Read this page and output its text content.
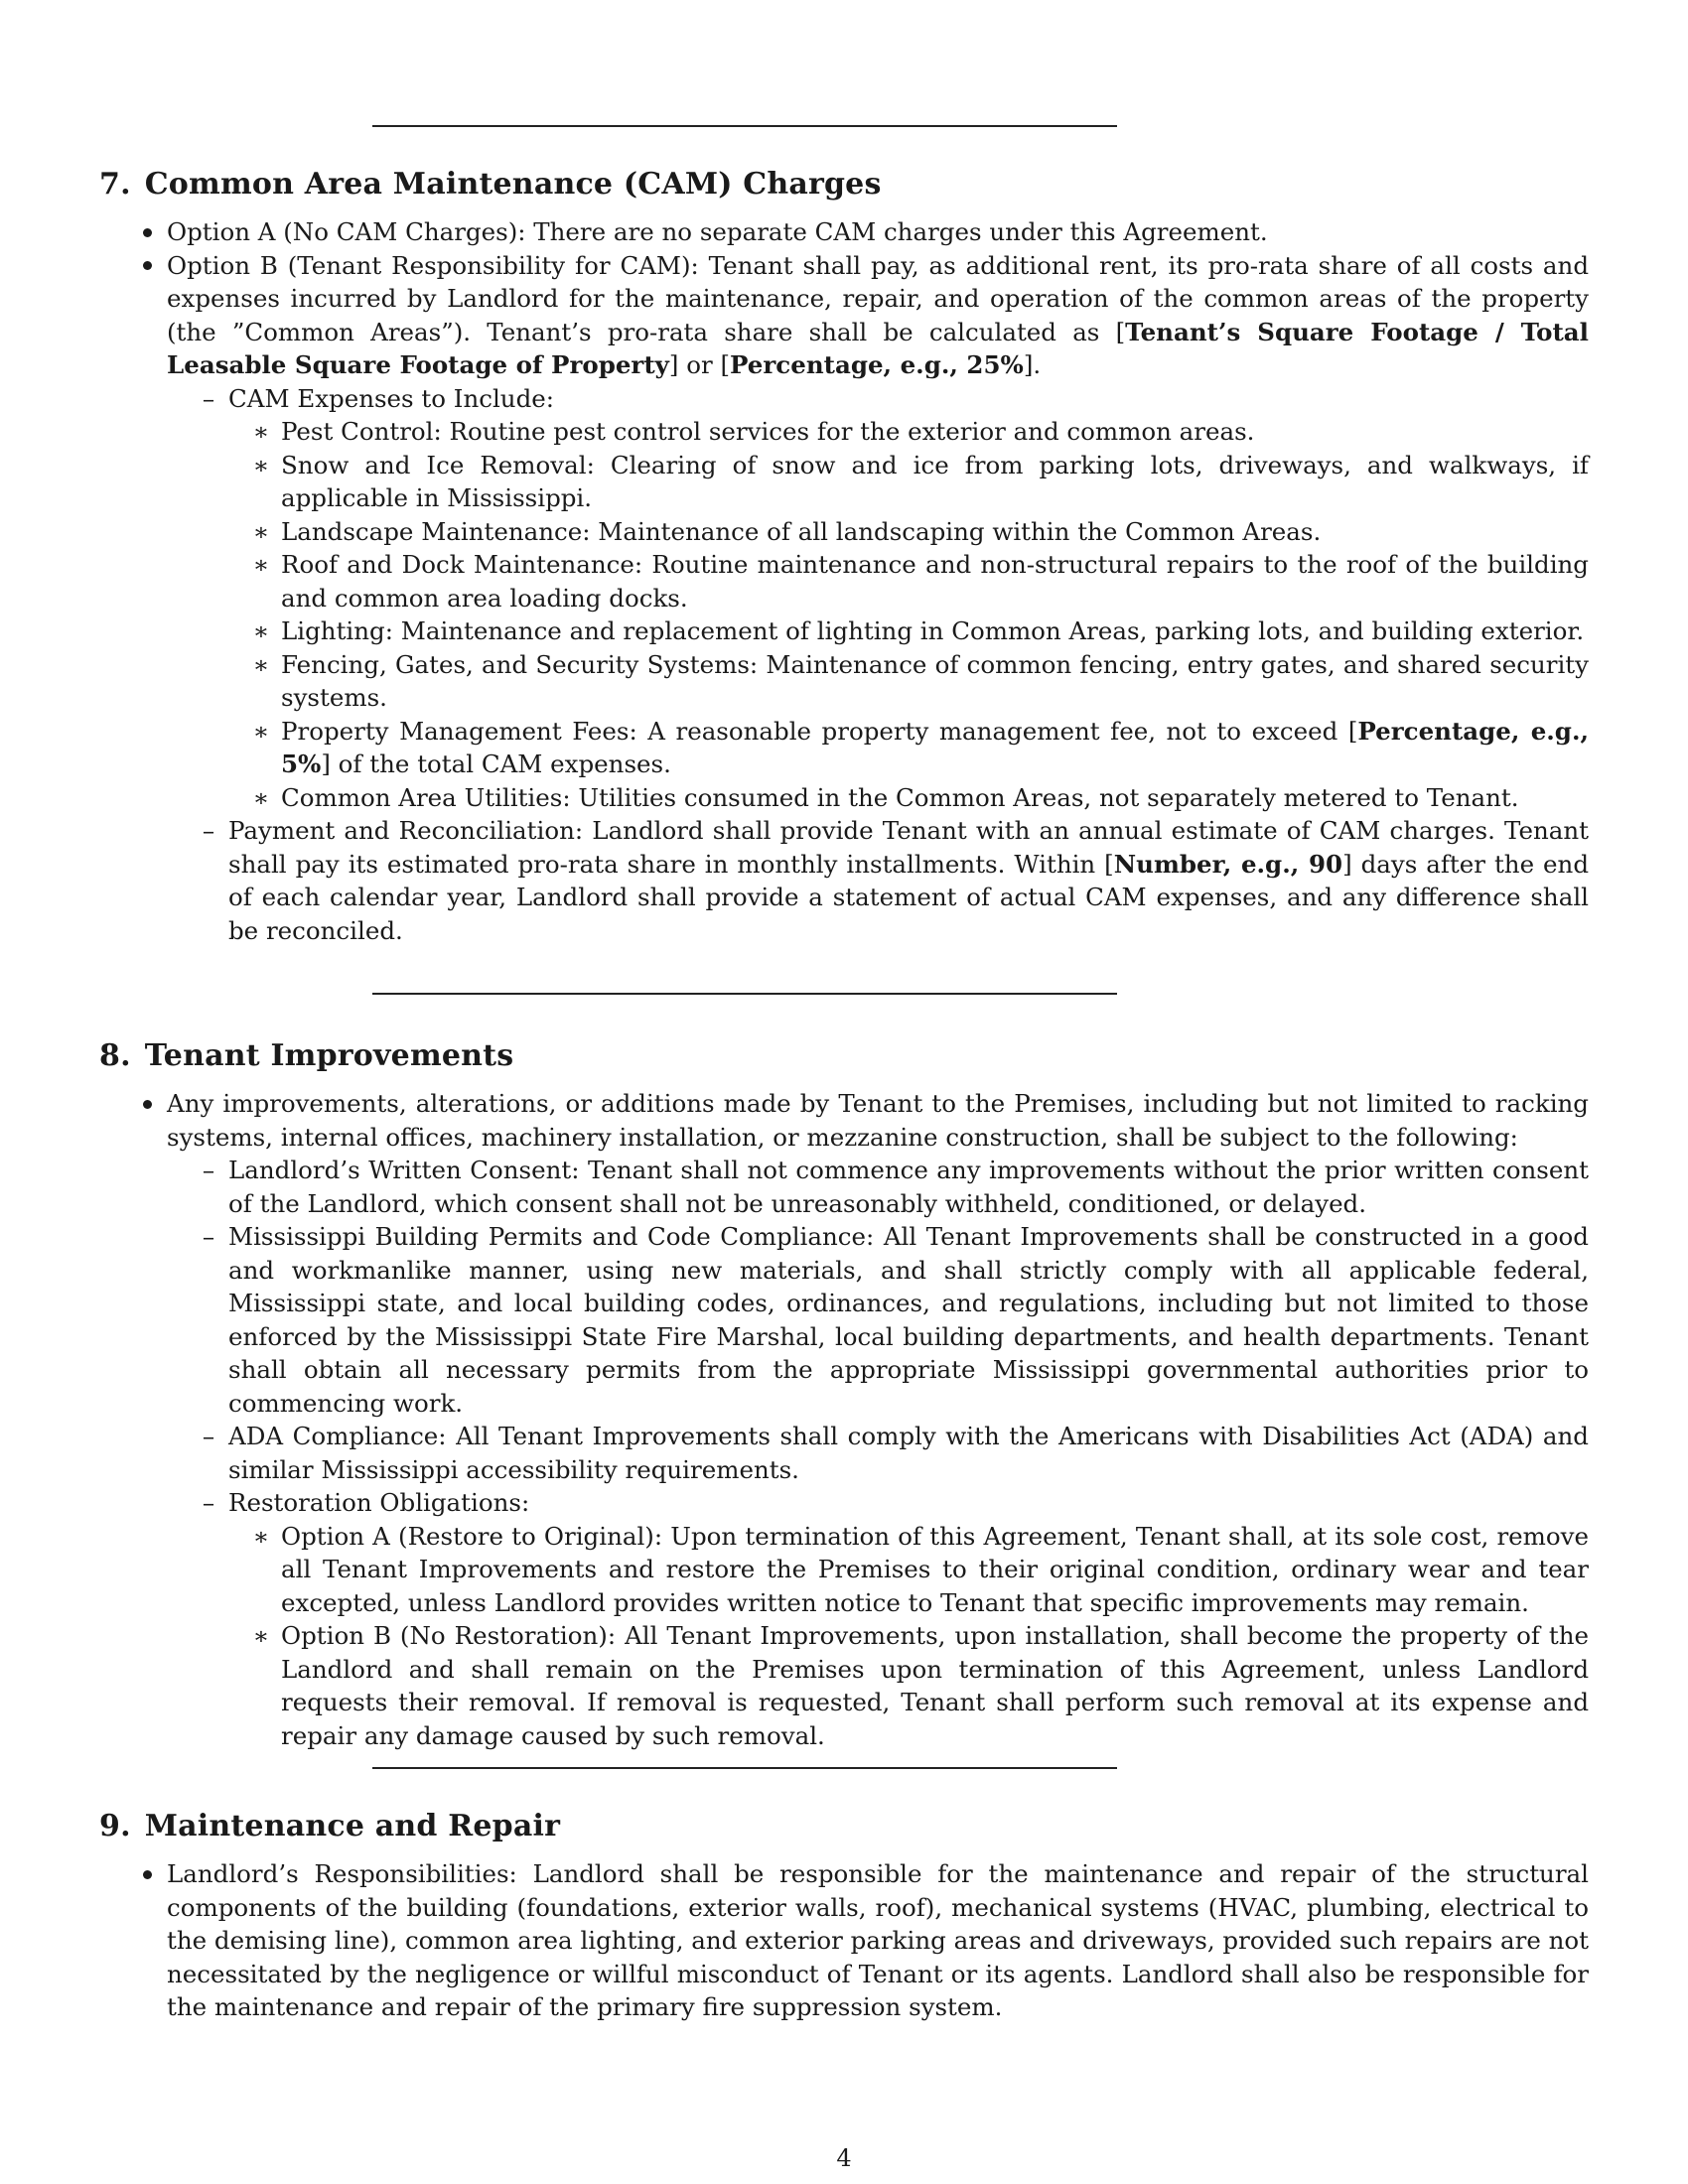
7. Common Area Maintenance (CAM) Charges

Option A (No CAM Charges): There are no separate CAM charges under this Agreement.

Option B (Tenant Responsibility for CAM): Tenant shall pay, as additional rent, its pro-rata share of all costs and expenses incurred by Landlord for the maintenance, repair, and operation of the common areas of the property (the ”Common Areas”). Tenant’s pro-rata share shall be calculated as [Tenant’s Square Footage / Total Leasable Square Footage of Property] or [Percentage, e.g., 25%].

– CAM Expenses to Include:

∗ Pest Control: Routine pest control services for the exterior and common areas.

∗ Snow and Ice Removal: Clearing of snow and ice from parking lots, driveways, and walkways, if applicable in Mississippi.

∗ Landscape Maintenance: Maintenance of all landscaping within the Common Areas.

∗ Roof and Dock Maintenance: Routine maintenance and non-structural repairs to the roof of the building and common area loading docks.

∗ Lighting: Maintenance and replacement of lighting in Common Areas, parking lots, and building exterior.

∗ Fencing, Gates, and Security Systems: Maintenance of common fencing, entry gates, and shared security systems.

∗ Property Management Fees: A reasonable property management fee, not to exceed [Percentage, e.g., 5%] of the total CAM expenses.

∗ Common Area Utilities: Utilities consumed in the Common Areas, not separately metered to Tenant.

– Payment and Reconciliation: Landlord shall provide Tenant with an annual estimate of CAM charges. Tenant shall pay its estimated pro-rata share in monthly installments. Within [Number, e.g., 90] days after the end of each calendar year, Landlord shall provide a statement of actual CAM expenses, and any difference shall be reconciled.

8. Tenant Improvements

Any improvements, alterations, or additions made by Tenant to the Premises, including but not limited to racking systems, internal offices, machinery installation, or mezzanine construction, shall be subject to the following:

– Landlord’s Written Consent: Tenant shall not commence any improvements without the prior written consent of the Landlord, which consent shall not be unreasonably withheld, conditioned, or delayed.

– Mississippi Building Permits and Code Compliance: All Tenant Improvements shall be constructed in a good and workmanlike manner, using new materials, and shall strictly comply with all applicable federal, Mississippi state, and local building codes, ordinances, and regulations, including but not limited to those enforced by the Mississippi State Fire Marshal, local building departments, and health departments. Tenant shall obtain all necessary permits from the appropriate Mississippi governmental authorities prior to commencing work.

– ADA Compliance: All Tenant Improvements shall comply with the Americans with Disabilities Act (ADA) and similar Mississippi accessibility requirements.

– Restoration Obligations:

∗ Option A (Restore to Original): Upon termination of this Agreement, Tenant shall, at its sole cost, remove all Tenant Improvements and restore the Premises to their original condition, ordinary wear and tear excepted, unless Landlord provides written notice to Tenant that specific improvements may remain.

∗ Option B (No Restoration): All Tenant Improvements, upon installation, shall become the property of the Landlord and shall remain on the Premises upon termination of this Agreement, unless Landlord requests their removal. If removal is requested, Tenant shall perform such removal at its expense and repair any damage caused by such removal.

9. Maintenance and Repair

Landlord’s Responsibilities: Landlord shall be responsible for the maintenance and repair of the structural components of the building (foundations, exterior walls, roof), mechanical systems (HVAC, plumbing, electrical to the demising line), common area lighting, and exterior parking areas and driveways, provided such repairs are not necessitated by the negligence or willful misconduct of Tenant or its agents. Landlord shall also be responsible for the maintenance and repair of the primary fire suppression system.

4
